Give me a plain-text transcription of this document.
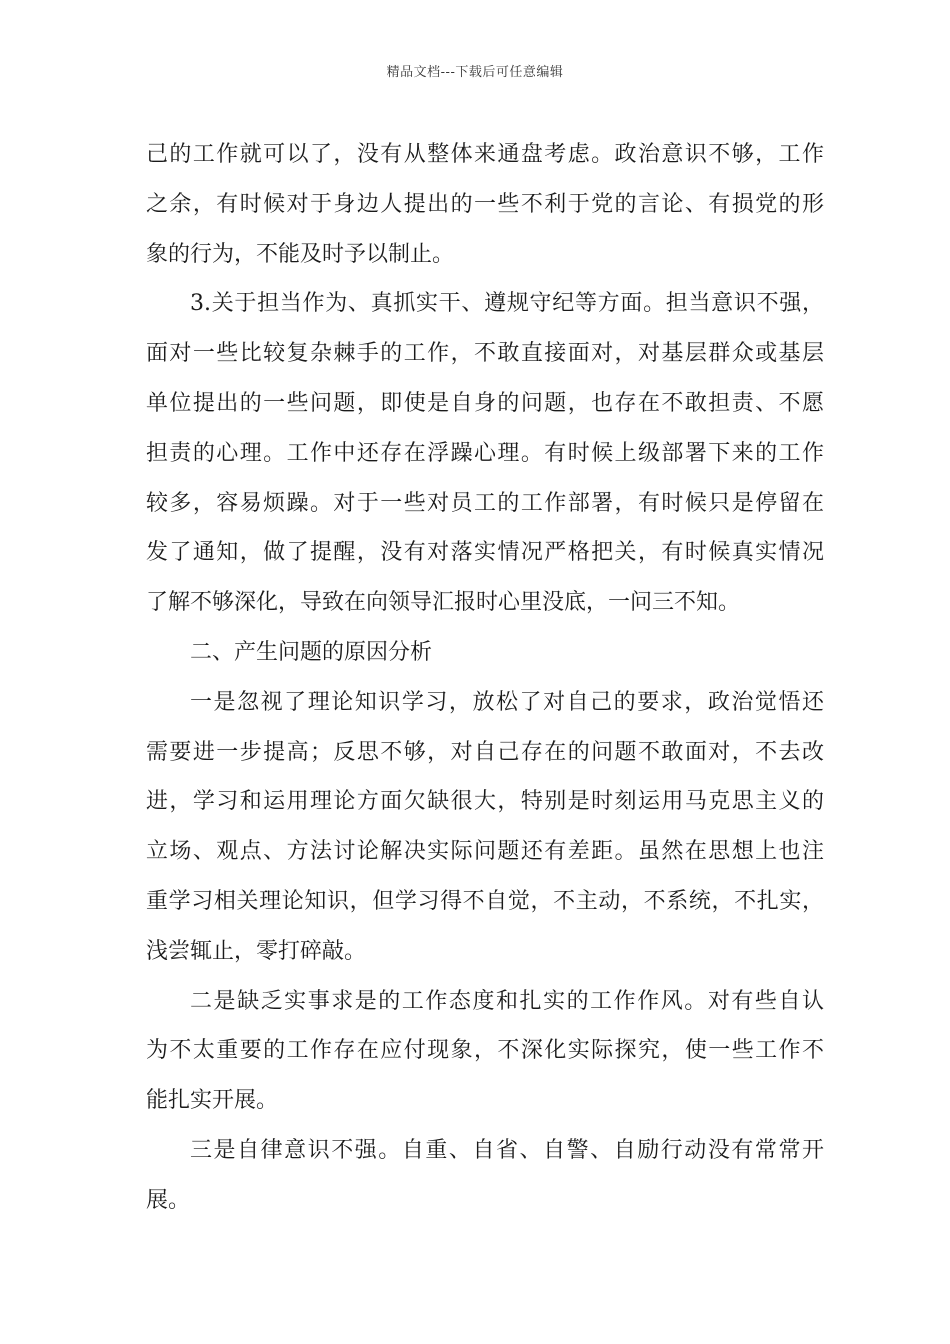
精品文档---下载后可任意编辑
己的工作就可以了，没有从整体来通盘考虑。政治意识不够，工作
之余，有时候对于身边人提出的一些不利于党的言论、有损党的形
象的行为，不能及时予以制止。
3.关于担当作为、真抓实干、遵规守纪等方面。担当意识不强，
面对一些比较复杂棘手的工作，不敢直接面对，对基层群众或基层
单位提出的一些问题，即使是自身的问题，也存在不敢担责、不愿
担责的心理。工作中还存在浮躁心理。有时候上级部署下来的工作
较多，容易烦躁。对于一些对员工的工作部署，有时候只是停留在
发了通知，做了提醒，没有对落实情况严格把关，有时候真实情况
了解不够深化，导致在向领导汇报时心里没底，一问三不知。
二、产生问题的原因分析
一是忽视了理论知识学习，放松了对自己的要求，政治觉悟还
需要进一步提高；反思不够，对自己存在的问题不敢面对，不去改
进，学习和运用理论方面欠缺很大，特别是时刻运用马克思主义的
立场、观点、方法讨论解决实际问题还有差距。虽然在思想上也注
重学习相关理论知识，但学习得不自觉，不主动，不系统，不扎实，
浅尝辄止，零打碎敲。
二是缺乏实事求是的工作态度和扎实的工作作风。对有些自认
为不太重要的工作存在应付现象，不深化实际探究，使一些工作不
能扎实开展。
三是自律意识不强。自重、自省、自警、自励行动没有常常开
展。
